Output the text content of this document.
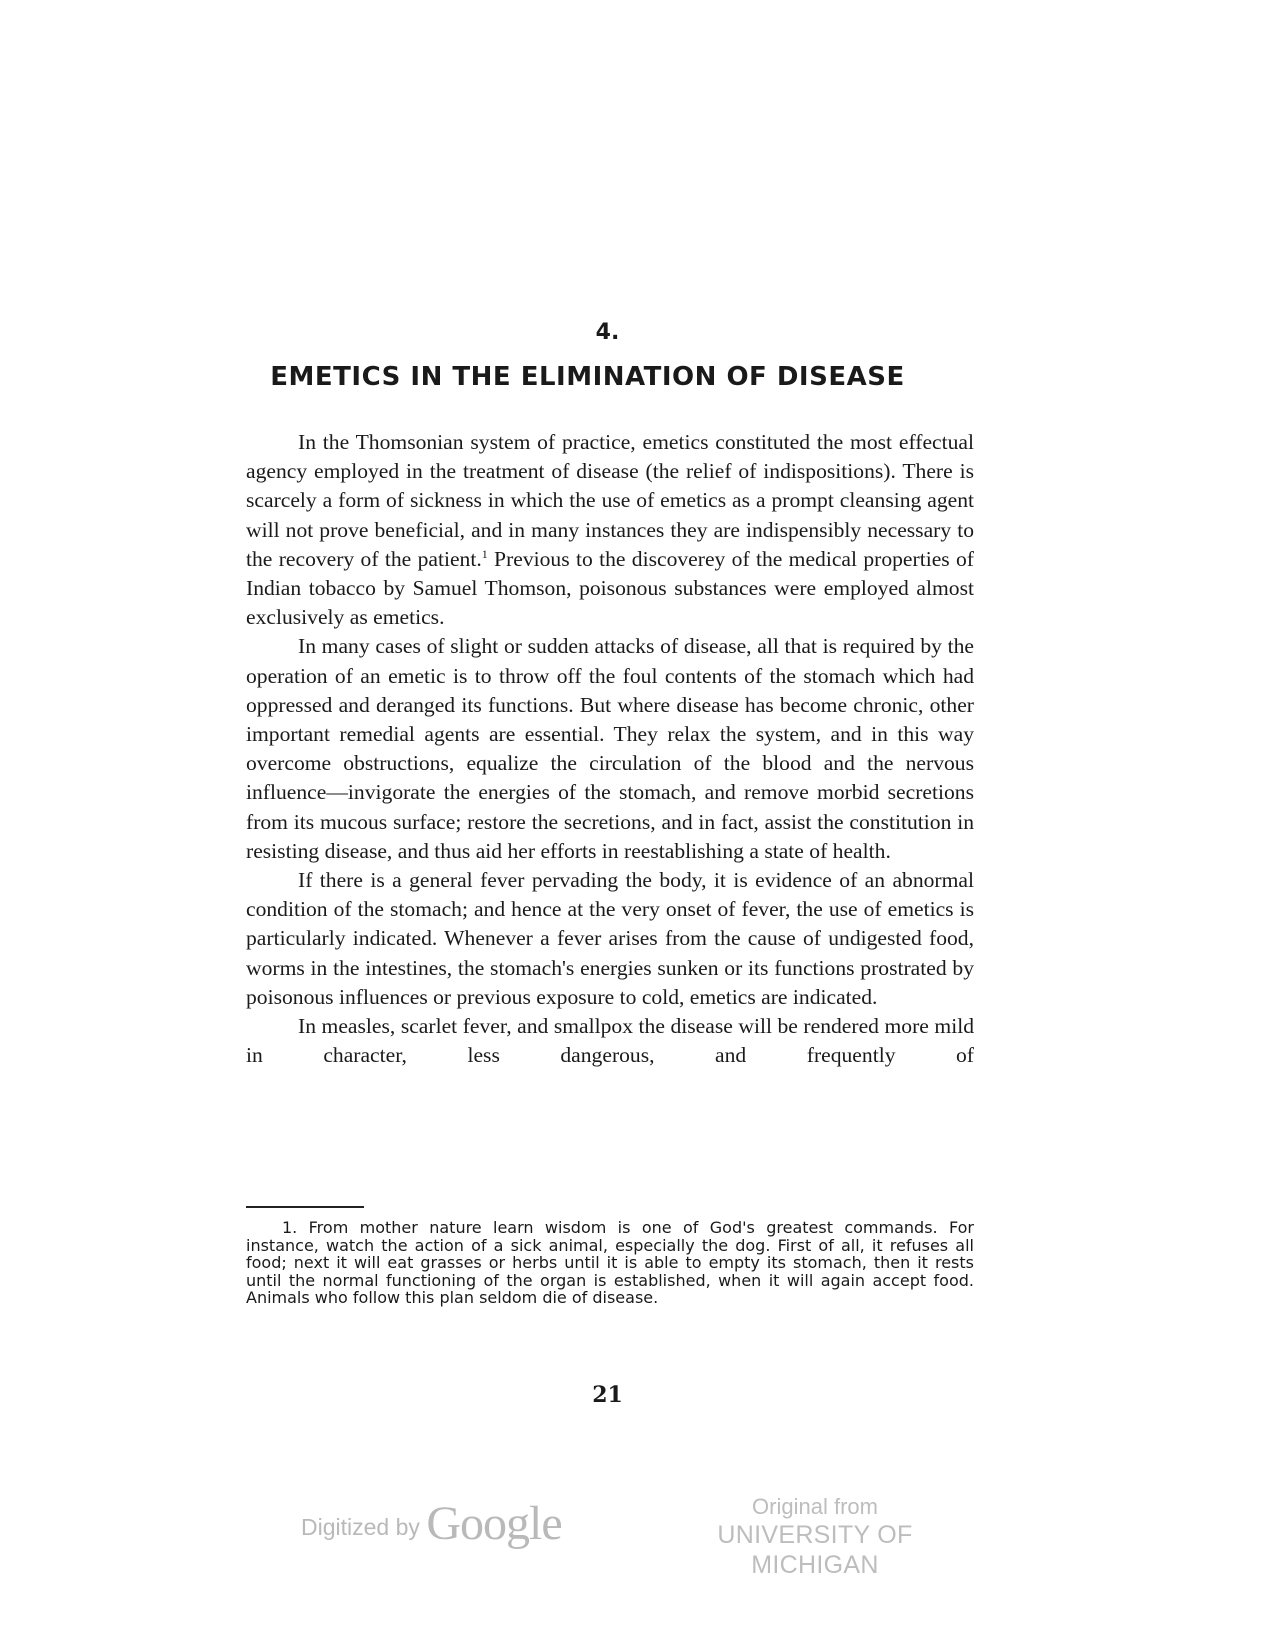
4.
EMETICS IN THE ELIMINATION OF DISEASE

In the Thomsonian system of practice, emetics constituted the most effectual agency employed in the treatment of disease (the relief of indispositions). There is scarcely a form of sickness in which the use of emetics as a prompt cleansing agent will not prove beneficial, and in many instances they are indispensibly necessary to the recovery of the patient.$^1$ Previous to the discoverey of the medical properties of Indian tobacco by Samuel Thomson, poisonous substances were employed almost exclusively as emetics.

In many cases of slight or sudden attacks of disease, all that is required by the operation of an emetic is to throw off the foul contents of the stomach which had oppressed and deranged its functions. But where disease has become chronic, other important remedial agents are essential. They relax the system, and in this way overcome obstructions, equalize the circulation of the blood and the nervous influence—invigorate the energies of the stomach, and remove morbid secretions from its mucous surface; restore the secretions, and in fact, assist the constitution in resisting disease, and thus aid her efforts in reestablishing a state of health.

If there is a general fever pervading the body, it is evidence of an abnormal condition of the stomach; and hence at the very onset of fever, the use of emetics is particularly indicated. Whenever a fever arises from the cause of undigested food, worms in the intestines, the stomach's energies sunken or its functions prostrated by poisonous influences or previous exposure to cold, emetics are indicated.

In measles, scarlet fever, and smallpox the disease will be rendered more mild in character, less dangerous, and frequently of

1. From mother nature learn wisdom is one of God's greatest commands. For instance, watch the action of a sick animal, especially the dog. First of all, it refuses all food; next it will eat grasses or herbs until it is able to empty its stomach, then it rests until the normal functioning of the organ is established, when it will again accept food. Animals who follow this plan seldom die of disease.

21
Digitized by Google	Original from
UNIVERSITY OF MICHIGAN
